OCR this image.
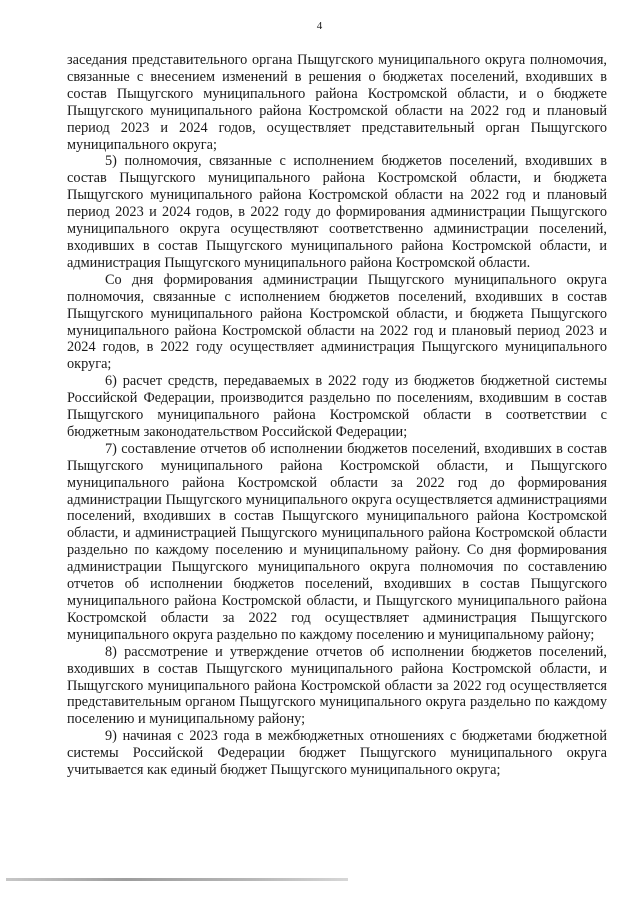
4

заседания представительного органа Пыщугского муниципального округа полномочия, связанные с внесением изменений в решения о бюджетах поселений, входивших в состав Пыщугского муниципального района Костромской области, и о бюджете Пыщугского муниципального района Костромской области на 2022 год и плановый период 2023 и 2024 годов, осуществляет представительный орган Пыщугского муниципального округа;

5) полномочия, связанные с исполнением бюджетов поселений, входивших в состав Пыщугского муниципального района Костромской области, и бюджета Пыщугского муниципального района Костромской области на 2022 год и плановый период 2023 и 2024 годов, в 2022 году до формирования администрации Пыщугского муниципального округа осуществляют соответственно администрации поселений, входивших в состав Пыщугского муниципального района Костромской области, и администрация Пыщугского муниципального района Костромской области.

Со дня формирования администрации Пыщугского муниципального округа полномочия, связанные с исполнением бюджетов поселений, входивших в состав Пыщугского муниципального района Костромской области, и бюджета Пыщугского муниципального района Костромской области на 2022 год и плановый период 2023 и 2024 годов, в 2022 году осуществляет администрация Пыщугского муниципального округа;

6) расчет средств, передаваемых в 2022 году из бюджетов бюджетной системы Российской Федерации, производится раздельно по поселениям, входившим в состав Пыщугского муниципального района Костромской области в соответствии с бюджетным законодательством Российской Федерации;

7) составление отчетов об исполнении бюджетов поселений, входивших в состав Пыщугского муниципального района Костромской области, и Пыщугского муниципального района Костромской области за 2022 год до формирования администрации Пыщугского муниципального округа осуществляется администрациями поселений, входивших в состав Пыщугского муниципального района Костромской области, и администрацией Пыщугского муниципального района Костромской области раздельно по каждому поселению и муниципальному району. Со дня формирования администрации Пыщугского муниципального округа полномочия по составлению отчетов об исполнении бюджетов поселений, входивших в состав Пыщугского муниципального района Костромской области, и Пыщугского муниципального района Костромской области за 2022 год осуществляет администрация Пыщугского муниципального округа раздельно по каждому поселению и муниципальному району;

8) рассмотрение и утверждение отчетов об исполнении бюджетов поселений, входивших в состав Пыщугского муниципального района Костромской области, и Пыщугского муниципального района Костромской области за 2022 год осуществляется представительным органом Пыщугского муниципального округа раздельно по каждому поселению и муниципальному району;

9) начиная с 2023 года в межбюджетных отношениях с бюджетами бюджетной системы Российской Федерации бюджет Пыщугского муниципального округа учитывается как единый бюджет Пыщугского муниципального округа;
